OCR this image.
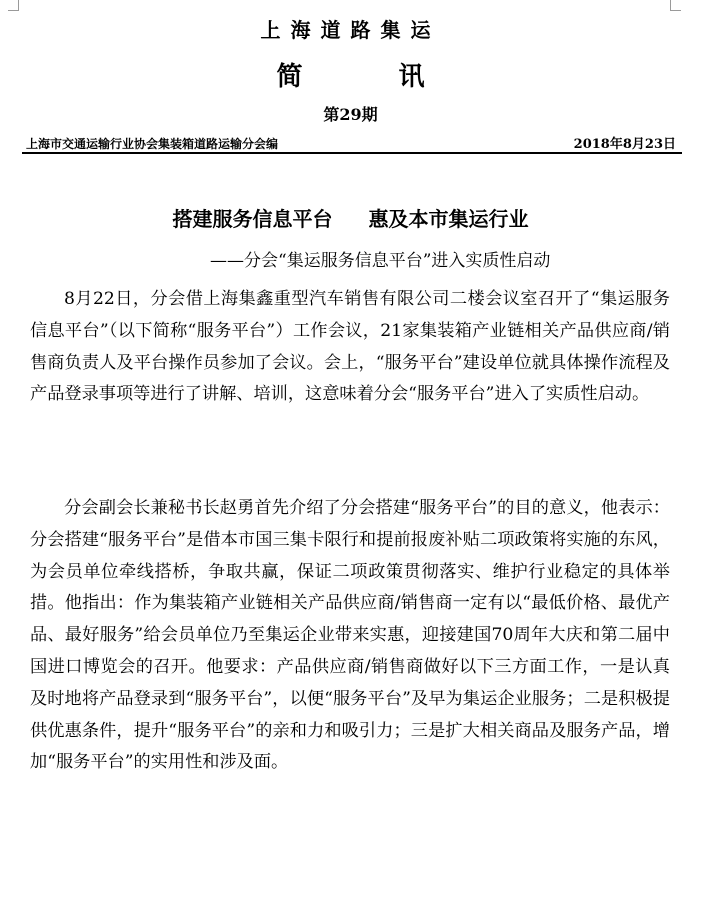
上海道路集运
简	讯
第29期
上海市交通运输行业协会集装箱道路运输分会编	2018年8月23日
搭建服务信息平台 惠及本市集运行业
——分会“集运服务信息平台”进入实质性启动
8月22日，分会借上海集鑫重型汽车销售有限公司二楼会议室召开了“集运服务信息平台”（以下简称“服务平台”）工作会议，21家集装箱产业链相关产品供应商/销售商负责人及平台操作员参加了会议。会上，“服务平台”建设单位就具体操作流程及产品登录事项等进行了讲解、培训，这意味着分会“服务平台”进入了实质性启动。
分会副会长兼秘书长赵勇首先介绍了分会搭建“服务平台”的目的意义，他表示：分会搭建“服务平台”是借本市国三集卡限行和提前报废补贴二项政策将实施的东风，为会员单位牵线搭桥，争取共赢，保证二项政策贯彻落实、维护行业稳定的具体举措。他指出：作为集装箱产业链相关产品供应商/销售商一定有以“最低价格、最优产品、最好服务”给会员单位乃至集运企业带来实惠，迎接建国70周年大庆和第二届中国进口博览会的召开。他要求：产品供应商/销售商做好以下三方面工作，一是认真及时地将产品登录到“服务平台”，以便“服务平台”及早为集运企业服务；二是积极提供优惠条件，提升“服务平台”的亲和力和吸引力；三是扩大相关商品及服务产品，增加“服务平台”的实用性和涉及面。
